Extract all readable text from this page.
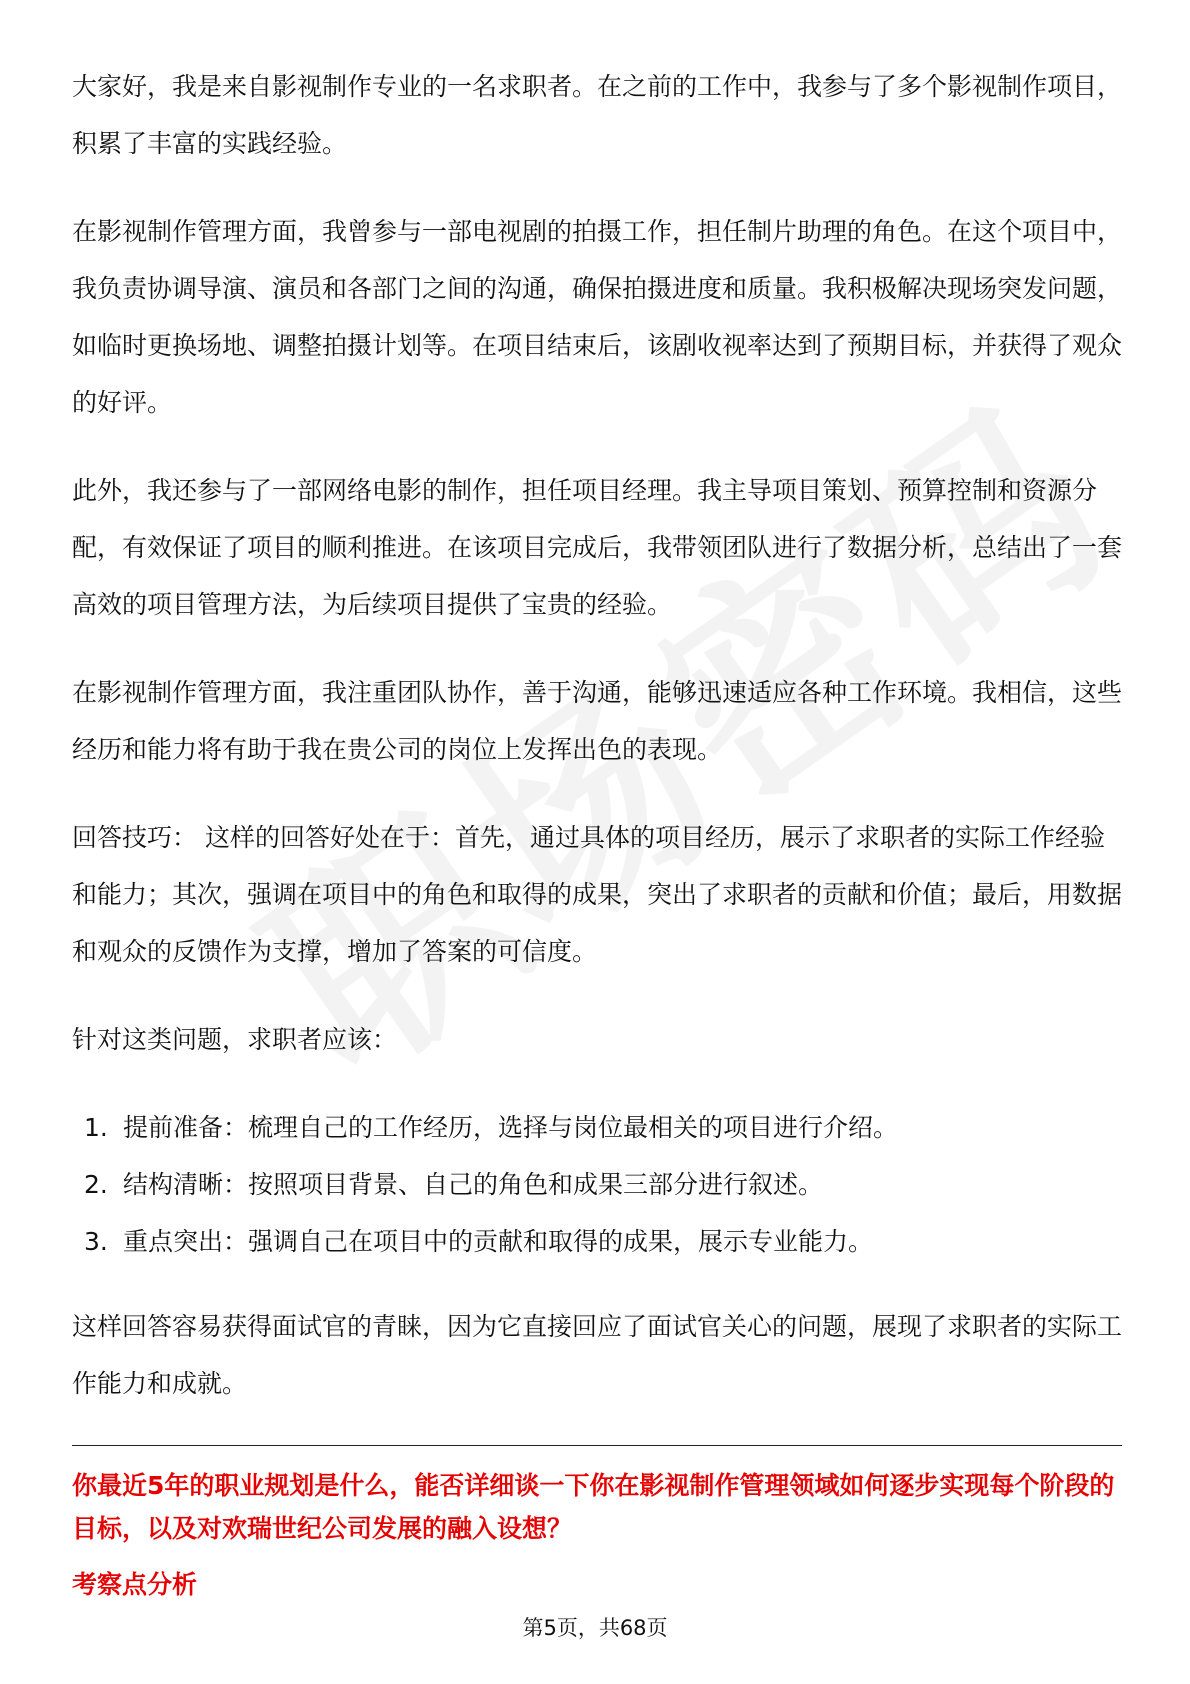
大家好，我是来自影视制作专业的一名求职者。在之前的工作中，我参与了多个影视制作项目，积累了丰富的实践经验。

在影视制作管理方面，我曾参与一部电视剧的拍摄工作，担任制片助理的角色。在这个项目中，我负责协调导演、演员和各部门之间的沟通，确保拍摄进度和质量。我积极解决现场突发问题，如临时更换场地、调整拍摄计划等。在项目结束后，该剧收视率达到了预期目标，并获得了观众的好评。

此外，我还参与了一部网络电影的制作，担任项目经理。我主导项目策划、预算控制和资源分配，有效保证了项目的顺利推进。在该项目完成后，我带领团队进行了数据分析，总结出了一套高效的项目管理方法，为后续项目提供了宝贵的经验。

在影视制作管理方面，我注重团队协作，善于沟通，能够迅速适应各种工作环境。我相信，这些经历和能力将有助于我在贵公司的岗位上发挥出色的表现。

回答技巧： 这样的回答好处在于：首先，通过具体的项目经历，展示了求职者的实际工作经验和能力；其次，强调在项目中的角色和取得的成果，突出了求职者的贡献和价值；最后，用数据和观众的反馈作为支撑，增加了答案的可信度。

针对这类问题，求职者应该：

1. 提前准备：梳理自己的工作经历，选择与岗位最相关的项目进行介绍。
2. 结构清晰：按照项目背景、自己的角色和成果三部分进行叙述。
3. 重点突出：强调自己在项目中的贡献和取得的成果，展示专业能力。

这样回答容易获得面试官的青睐，因为它直接回应了面试官关心的问题，展现了求职者的实际工作能力和成就。

你最近5年的职业规划是什么，能否详细谈一下你在影视制作管理领域如何逐步实现每个阶段的目标，以及对欢瑞世纪公司发展的融入设想？

考察点分析

第5页，共68页
